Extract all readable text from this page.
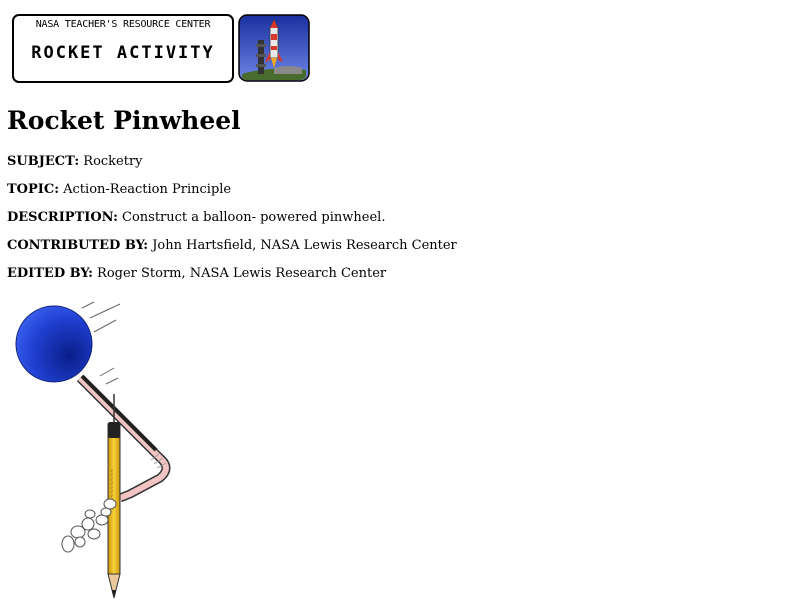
NASA TEACHER'S RESOURCE CENTER
ROCKET ACTIVITY
Rocket Pinwheel

SUBJECT: Rocketry

TOPIC: Action-Reaction Principle

DESCRIPTION: Construct a balloon- powered pinwheel.

CONTRIBUTED BY: John Hartsfield, NASA Lewis Research Center

EDITED BY: Roger Storm, NASA Lewis Research Center

~~~~~~~
